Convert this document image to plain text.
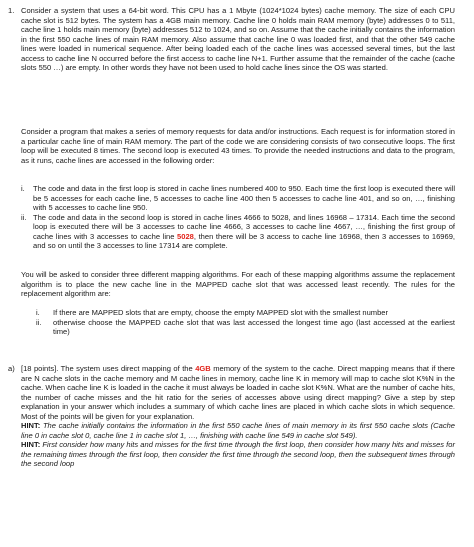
1. Consider a system that uses a 64-bit word. This CPU has a 1 Mbyte (1024*1024 bytes) cache memory. The size of each CPU cache slot is 512 bytes. The system has a 4GB main memory. Cache line 0 holds main RAM memory (byte) addresses 0 to 511, cache line 1 holds main memory (byte) addresses 512 to 1024, and so on. Assume that the cache initially contains the information in the first 550 cache lines of main RAM memory. Also assume that cache line 0 was loaded first, and that the other 549 cache lines were loaded in numerical sequence. After being loaded each of the cache lines was accessed several times, but the last access to cache line N occurred before the first access to cache line N+1. Further assume that the remainder of the cache (cache slots 550 …) are empty. In other words they have not been used to hold cache lines since the OS was started.

Consider a program that makes a series of memory requests for data and/or instructions. Each request is for information stored in a particular cache line of main RAM memory. The part of the code we are considering consists of two consecutive loops. The first loop will be executed 8 times. The second loop is executed 43 times. To provide the needed instructions and data to the program, as it runs, cache lines are accessed in the following order:

i. The code and data in the first loop is stored in cache lines numbered 400 to 950. Each time the first loop is executed there will be 5 accesses for each cache line, 5 accesses to cache line 400 then 5 accesses to cache line 401, and so on, …, finishing with 5 accesses to cache line 950.

ii. The code and data in the second loop is stored in cache lines 4666 to 5028, and lines 16968 – 17314. Each time the second loop is executed there will be 3 accesses to cache line 4666, 3 accesses to cache line 4667, …, finishing the first group of cache lines with 3 accesses to cache line 5028, then there will be 3 access to cache line 16968, then 3 accesses to 16969, and so on until the 3 accesses to line 17314 are complete.

You will be asked to consider three different mapping algorithms. For each of these mapping algorithms assume the replacement algorithm is to place the new cache line in the MAPPED cache slot that was accessed least recently. The rules for the replacement algorithm are:

i. If there are MAPPED slots that are empty, choose the empty MAPPED slot with the smallest number

ii. otherwise choose the MAPPED cache slot that was last accessed the longest time ago (last accessed at the earliest time)

a) [18 points]. The system uses direct mapping of the 4GB memory of the system to the cache. Direct mapping means that if there are N cache slots in the cache memory and M cache lines in memory, cache line K in memory will map to cache slot K%N in the cache. When cache line K is loaded in the cache it must always be loaded in cache slot K%N. What are the number of cache hits, the number of cache misses and the hit ratio for the series of accesses above using direct mapping? Give a step by step explanation in your answer which includes a summary of which cache lines are placed in which cache slots in which sequence. Most of the points will be given for your explanation.

HINT: The cache initially contains the information in the first 550 cache lines of main memory in its first 550 cache slots (Cache line 0 in cache slot 0, cache line 1 in cache slot 1, …, finishing with cache line 549 in cache slot 549).

HINT: First consider how many hits and misses for the first time through the first loop, then consider how many hits and misses for the remaining times through the first loop, then consider the first time through the second loop, then the subsequent times through the second loop
